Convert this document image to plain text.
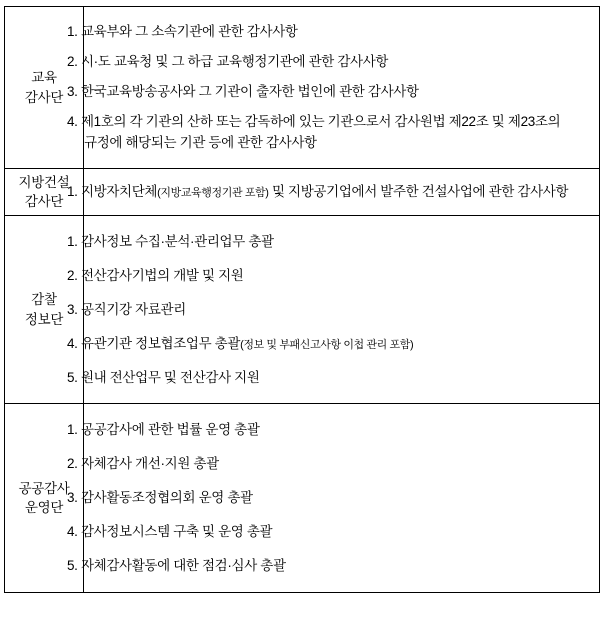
교육
감사단

1. 교육부와 그 소속기관에 관한 감사사항
2. 시·도 교육청 및 그 하급 교육행정기관에 관한 감사사항
3. 한국교육방송공사와 그 기관이 출자한 법인에 관한 감사사항
4. 제1호의 각 기관의 산하 또는 감독하에 있는 기관으로서 감사원법 제22조 및 제23조의 규정에 해당되는 기관 등에 관한 감사사항

지방건설
감사단

1. 지방자치단체(지방교육행정기관 포함) 및 지방공기업에서 발주한 건설사업에 관한 감사사항

감찰
정보단

1. 감사정보 수집·분석·관리업무 총괄
2. 전산감사기법의 개발 및 지원
3. 공직기강 자료관리
4. 유관기관 정보협조업무 총괄(정보 및 부패신고사항 이첩 관리 포함)
5. 원내 전산업무 및 전산감사 지원

공공감사
운영단

1. 공공감사에 관한 법률 운영 총괄
2. 자체감사 개선·지원 총괄
3. 감사활동조정협의회 운영 총괄
4. 감사정보시스템 구축 및 운영 총괄
5. 자체감사활동에 대한 점검·심사 총괄
